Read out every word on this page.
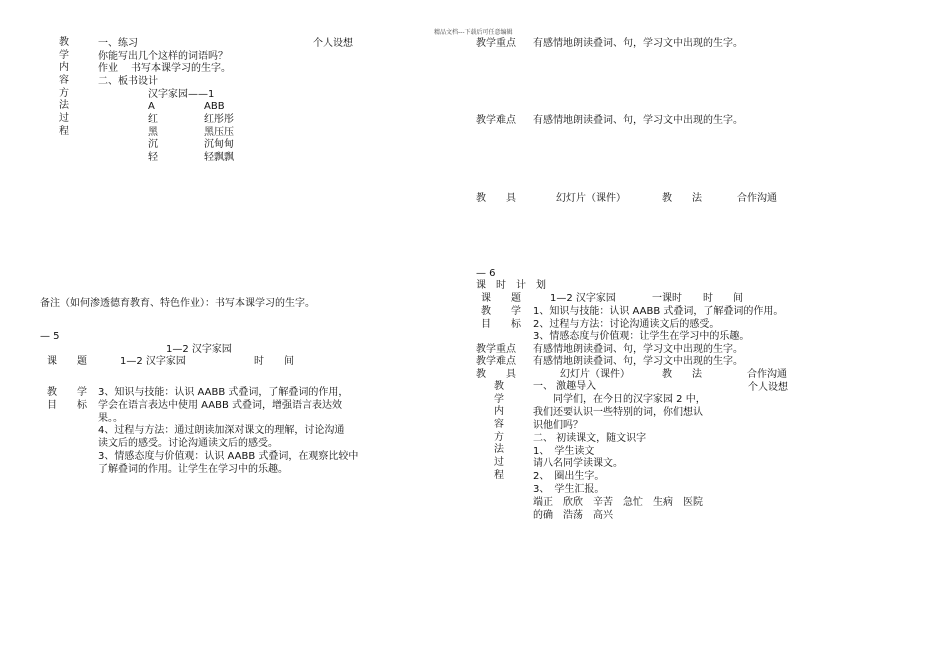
精品文档---下载后可任意编辑
教
学
内
容
方
法
过
程
一、练习	个人设想
你能写出几个这样的词语吗？
作业 书写本课学习的生字。
二、板书设计
汉字家园——1
A	ABB
红	红彤彤
黑	黑压压
沉	沉甸甸
轻	轻飘飘
备注（如何渗透德育教育、特色作业）：书写本课学习的生字。
— 5
1—2 汉字家园
课　　题	1—2 汉字家园	时　　间
教　　学
目　　标
3、知识与技能：认识 AABB 式叠词，了解叠词的作用，
学会在语言表达中使用 AABB 式叠词，增强语言表达效
果。。
4、过程与方法：通过朗读加深对课文的理解，讨论沟通
读文后的感受。讨论沟通读文后的感受。
3、情感态度与价值观：认识 AABB 式叠词，在观察比较中
了解叠词的作用。让学生在学习中的乐趣。
教学重点 有感情地朗读叠词、句，学习文中出现的生字。
教学难点 有感情地朗读叠词、句，学习文中出现的生字。
教　　具	幻灯片（课件）	教　　法	合作沟通
— 6
课　时　计　划
课　　题	1—2 汉字家园	一课时 时　　间
教　　学
目　　标
1、知识与技能：认识 AABB 式叠词，了解叠词的作用。
2、过程与方法：讨论沟通读文后的感受。
3、情感态度与价值观：让学生在学习中的乐趣。
教学重点 有感情地朗读叠词、句，学习文中出现的生字。
教学难点 有感情地朗读叠词、句，学习文中出现的生字。
教　　具	幻灯片（课件）	教　　法	合作沟通
教
学
内
容
方
法
过
程
个人设想
一、 激趣导入
　　同学们，在今日的汉字家园 2 中，
我们还要认识一些特别的词，你们想认
识他们吗？
二、 初读课文，随文识字
1、　学生读文
请八名同学读课文。
2、　圈出生字。
3、　学生汇报。
端正　欣欣　辛苦　急忙　生病　医院
的确　浩荡　高兴
